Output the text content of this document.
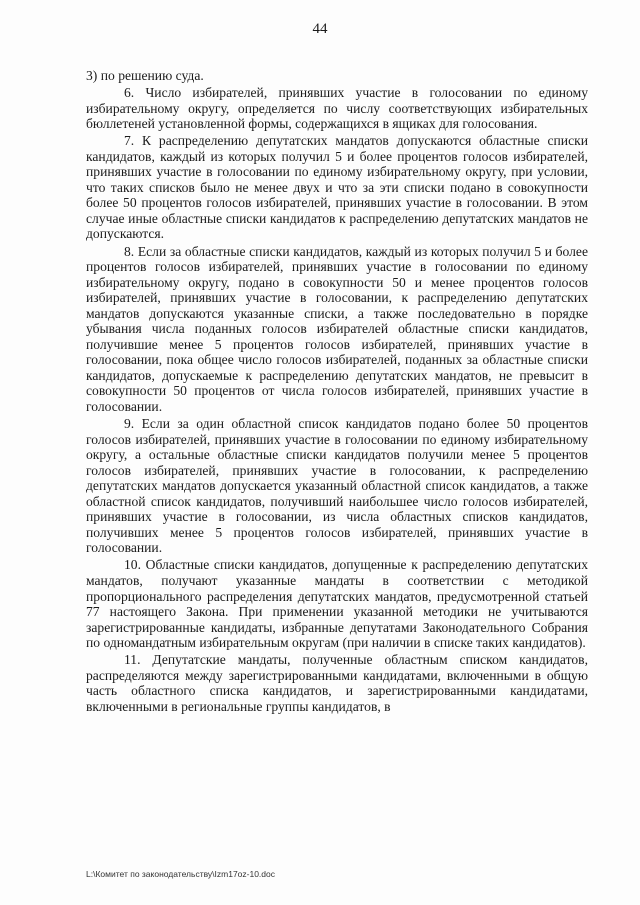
44

3) по решению суда.

6. Число избирателей, принявших участие в голосовании по единому избирательному округу, определяется по числу соответствующих избирательных бюллетеней установленной формы, содержащихся в ящиках для голосования.

7. К распределению депутатских мандатов допускаются областные списки кандидатов, каждый из которых получил 5 и более процентов голосов избирателей, принявших участие в голосовании по единому избирательному округу, при условии, что таких списков было не менее двух и что за эти списки подано в совокупности более 50 процентов голосов избирателей, принявших участие в голосовании. В этом случае иные областные списки кандидатов к распределению депутатских мандатов не допускаются.

8. Если за областные списки кандидатов, каждый из которых получил 5 и более процентов голосов избирателей, принявших участие в голосовании по единому избирательному округу, подано в совокупности 50 и менее процентов голосов избирателей, принявших участие в голосовании, к распределению депутатских мандатов допускаются указанные списки, а также последовательно в порядке убывания числа поданных голосов избирателей областные списки кандидатов, получившие менее 5 процентов голосов избирателей, принявших участие в голосовании, пока общее число голосов избирателей, поданных за областные списки кандидатов, допускаемые к распределению депутатских мандатов, не превысит в совокупности 50 процентов от числа голосов избирателей, принявших участие в голосовании.

9. Если за один областной список кандидатов подано более 50 процентов голосов избирателей, принявших участие в голосовании по единому избирательному округу, а остальные областные списки кандидатов получили менее 5 процентов голосов избирателей, принявших участие в голосовании, к распределению депутатских мандатов допускается указанный областной список кандидатов, а также областной список кандидатов, получивший наибольшее число голосов избирателей, принявших участие в голосовании, из числа областных списков кандидатов, получивших менее 5 процентов голосов избирателей, принявших участие в голосовании.

10. Областные списки кандидатов, допущенные к распределению депутатских мандатов, получают указанные мандаты в соответствии с методикой пропорционального распределения депутатских мандатов, предусмотренной статьей 77 настоящего Закона. При применении указанной методики не учитываются зарегистрированные кандидаты, избранные депутатами Законодательного Собрания по одномандатным избирательным округам (при наличии в списке таких кандидатов).

11. Депутатские мандаты, полученные областным списком кандидатов, распределяются между зарегистрированными кандидатами, включенными в общую часть областного списка кандидатов, и зарегистрированными кандидатами, включенными в региональные группы кандидатов, в

L:\Комитет по законодательству\Izm17oz-10.doc
